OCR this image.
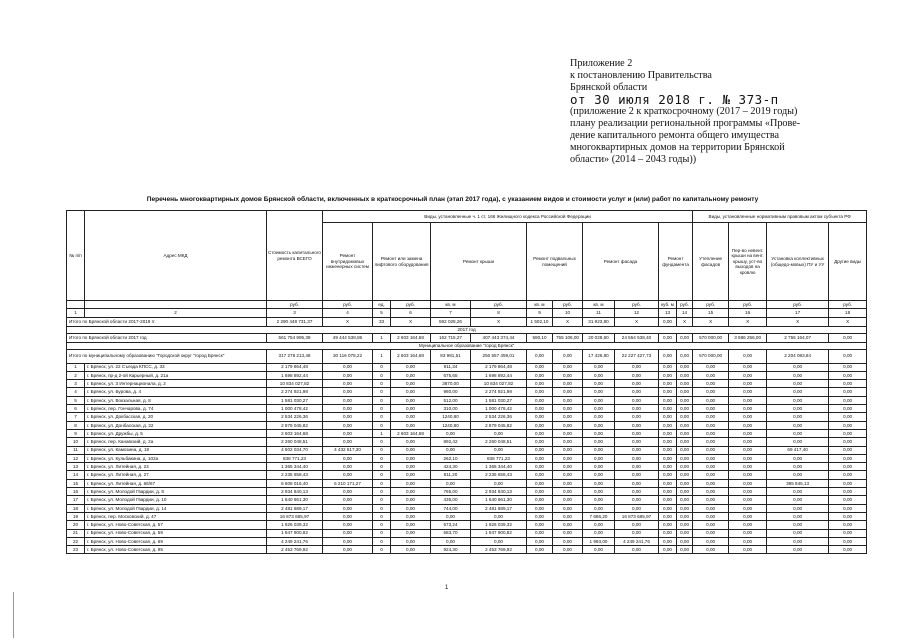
Приложение 2
к постановлению Правительства
Брянской области
от 30 июля 2018 г. № 373-п
(приложение 2 к краткосрочному (2017 – 2019 годы)
плану реализации региональной программы «Прове-
дение капитального ремонта общего имущества
многоквартирных домов на территории Брянской
области» (2014 – 2043 годы))
Перечень многоквартирных домов Брянской области, включенных в краткосрочный план (этап 2017 года), с указанием видов и стоимости услуг и (или) работ по капитальному ремонту
№ п/п	Адрес МКД	Стоимость капитального ремонта ВСЕГО	Виды, установленные ч. 1 ст. 166 Жилищного кодекса Российской Федерации											Виды, установленные нормативным правовым актом субъекта РФ			
			Ремонт внутридомовых инженерных систем	Ремонт или замена лифтового оборудования		Ремонт крыши		Ремонт подвальных помещений		Ремонт фасада		Ремонт фундамента		Утепление фасадов	Пер-во невент. крыши на вент. крышу, уст-во выходов на кровлю	Установка коллективных (общедо-мовых) ПУ и УУ	Другие виды
		руб.	руб.	ед.	руб.	кв. м	руб.	кв. м	руб.	кв. м	руб.	куб. м	руб.	руб.	руб.	руб.	руб.
1	2	3	4	5	6	7	8	9	10	11	12	13	14	15	16	17	18
Итого по Брянской области 2017-2019 гг.		2 290 448 731,37	X	33	X	592 028,26	X	1 502,10	X	31 923,80	X	0,00	X	X	X	X	X
2017 год																	
Итого по Брянской области 2017 год		561 754 995,39	49 444 538,86	1	2 603 164,68	162 715,27	407 443 374,44	590,10	755 106,00	20 028,60	24 554 538,40	0,00	0,00	570 000,00	3 686 256,00	2 756 164,07	0,00
Муниципальное образование "город Брянск"																	
Итого по муниципальному образованию "Городской округ "город Брянск"		317 278 213,48	30 116 078,22	1	2 603 164,68	83 981,51	250 557 459,01	0,00	0,00	17 426,80	22 227 427,73	0,00	0,00	570 000,00	0,00	2 204 083,84	0,00
1	г. Брянск, ул. 22 Съезда КПСС, д. 33	2 179 864,48	0,00	0	0,00	911,34	2 179 864,48	0,00	0,00	0,00	0,00	0,00	0,00	0,00	0,00	0,00	0,00
2	г. Брянск, пр-д 2-ой Карьерный, д. 21а	1 698 892,44	0,00	0	0,00	675,65	1 698 892,44	0,00	0,00	0,00	0,00	0,00	0,00	0,00	0,00	0,00	0,00
3	г. Брянск, ул. 3 Интернационала, д. 2	10 834 027,82	0,00	0	0,00	3870,00	10 834 027,82	0,00	0,00	0,00	0,00	0,00	0,00	0,00	0,00	0,00	0,00
4	г. Брянск, ул. Бурова, д. 4	2 274 921,98	0,00	0	0,00	980,00	2 274 921,98	0,00	0,00	0,00	0,00	0,00	0,00	0,00	0,00	0,00	0,00
5	г. Брянск, ул. Вокзальная, д. 8	1 581 030,27	0,00	0	0,00	512,00	1 581 030,27	0,00	0,00	0,00	0,00	0,00	0,00	0,00	0,00	0,00	0,00
6	г. Брянск, пер. Гончарова, д. 74	1 000 478,42	0,00	0	0,00	310,00	1 000 478,42	0,00	0,00	0,00	0,00	0,00	0,00	0,00	0,00	0,00	0,00
7	г. Брянск, ул. Докбасская, д. 20	2 534 226,36	0,00	0	0,00	1240,80	2 534 226,36	0,00	0,00	0,00	0,00	0,00	0,00	0,00	0,00	0,00	0,00
8	г. Брянск, ул. Донбасская, д. 22	2 879 045,82	0,00	0	0,00	1240,80	2 879 045,82	0,00	0,00	0,00	0,00	0,00	0,00	0,00	0,00	0,00	0,00
9	г. Брянск, ул. Дружбы, д. 5	2 603 164,68	0,00	1	2 603 164,68	0,00	0,00	0,00	0,00	0,00	0,00	0,00	0,00	0,00	0,00	0,00	0,00
10	г. Брянск, пер. Канавский, д. 2а	2 260 048,51	0,00	0	0,00	892,42	2 260 048,51	0,00	0,00	0,00	0,00	0,00	0,00	0,00	0,00	0,00	0,00
11	г. Брянск, ул. Камозина, д. 18	4 502 034,70	4 432 617,30	0	0,00	0,00	0,00	0,00	0,00	0,00	0,00	0,00	0,00	0,00	0,00	69 417,40	0,00
12	г. Брянск, ул. Кульбакина, д. 102а	838 771,23	0,00	0	0,00	262,10	838 771,23	0,00	0,00	0,00	0,00	0,00	0,00	0,00	0,00	0,00	0,00
13	г. Брянск, ул. Литейная, д. 23	1 365 344,40	0,00	0	0,00	424,30	1 365 344,40	0,00	0,00	0,00	0,00	0,00	0,00	0,00	0,00	0,00	0,00
14	г. Брянск, ул. Литейная, д. 27	2 235 658,43	0,00	0	0,00	811,20	2 235 658,43	0,00	0,00	0,00	0,00	0,00	0,00	0,00	0,00	0,00	0,00
15	г. Брянск, ул. Литейная, д. 66/67	6 608 016,40	6 210 171,27	0	0,00	0,00	0,00	0,00	0,00	0,00	0,00	0,00	0,00	0,00	0,00	395 845,13	0,00
16	г. Брянск, ул. Молодой Гвардии, д. 8	2 934 840,13	0,00	0	0,00	765,00	2 934 840,13	0,00	0,00	0,00	0,00	0,00	0,00	0,00	0,00	0,00	0,00
17	г. Брянск, ул. Молодой Гвардии, д. 10	1 640 661,30	0,00	0	0,00	435,00	1 640 661,30	0,00	0,00	0,00	0,00	0,00	0,00	0,00	0,00	0,00	0,00
18	г. Брянск, ул. Молодой Гвардии, д. 14	2 481 689,17	0,00	0	0,00	744,00	2 481 689,17	0,00	0,00	0,00	0,00	0,00	0,00	0,00	0,00	0,00	0,00
19	г. Брянск, пер. Московский, д. 47	16 873 685,97	0,00	0	0,00	0,00	0,00	0,00	0,00	7 686,20	16 873 685,97	0,00	0,00	0,00	0,00	0,00	0,00
20	г. Брянск, ул. Ново-Советская, д. 57	1 926 039,32	0,00	0	0,00	573,24	1 926 039,32	0,00	0,00	0,00	0,00	0,00	0,00	0,00	0,00	0,00	0,00
21	г. Брянск, ул. Ново-Советская, д. 59	1 947 900,82	0,00	0	0,00	583,70	1 947 900,82	0,00	0,00	0,00	0,00	0,00	0,00	0,00	0,00	0,00	0,00
22	г. Брянск, ул. Ново-Советская, д. 69	4 249 241,76	0,00	0	0,00	0,00	0,00	0,00	0,00	1 993,00	4 249 241,76	0,00	0,00	0,00	0,00	0,00	0,00
23	г. Брянск, ул. Ново-Советская, д. 95	2 453 769,92	0,00	0	0,00	924,30	2 453 769,92	0,00	0,00	0,00	0,00	0,00	0,00	0,00	0,00	0,00	0,00
1
